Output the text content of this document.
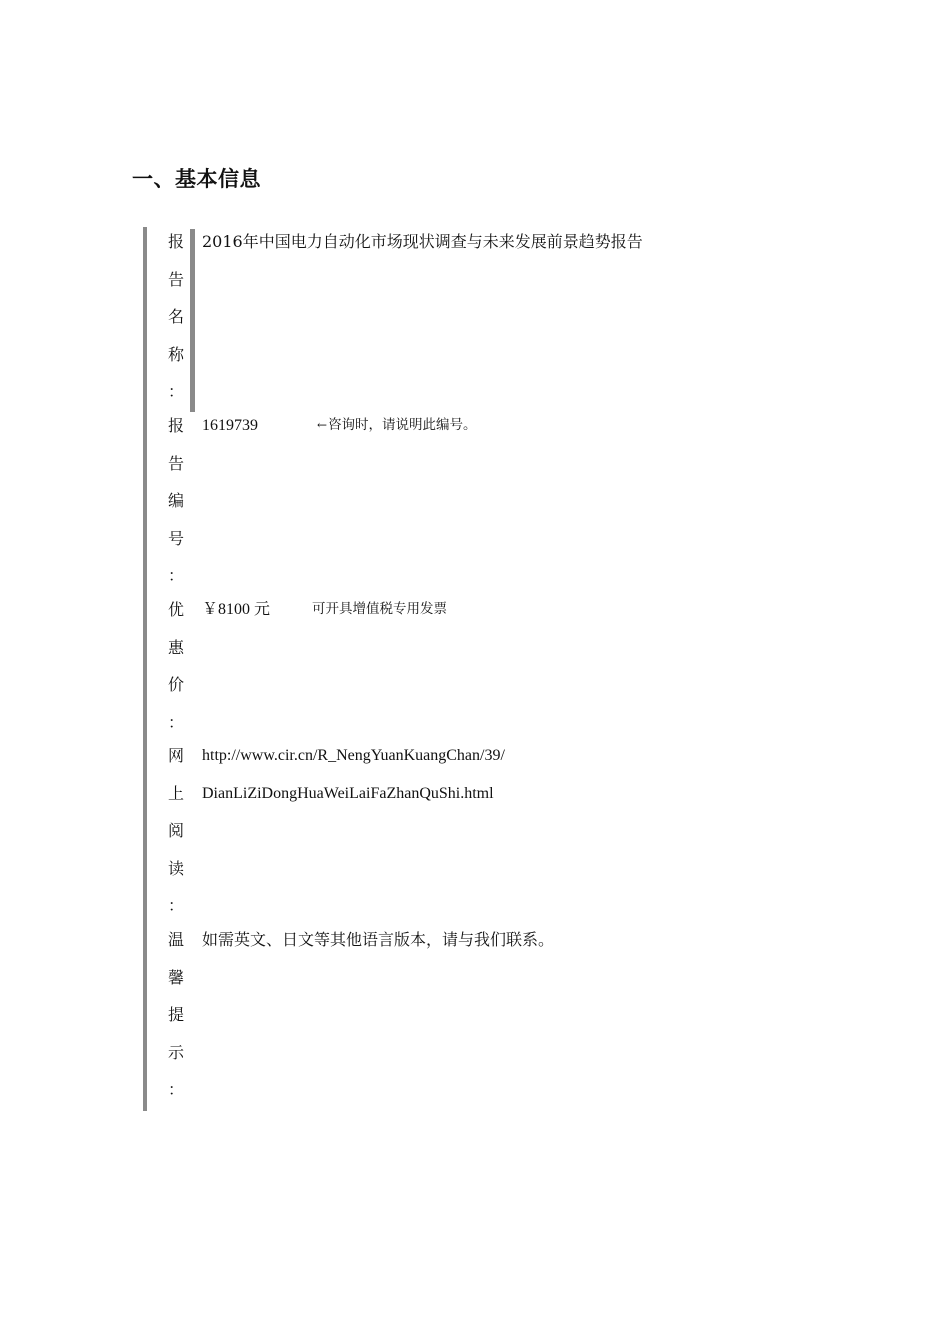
一、基本信息
报
告
名
称
：
2016年中国电力自动化市场现状调查与未来发展前景趋势报告
报
告
编
号
：
1619739	←咨询时，请说明此编号。
优
惠
价
：
￥8100 元	可开具增值税专用发票
网
上
阅
读
：
http://www.cir.cn/R_NengYuanKuangChan/39/
DianLiZiDongHuaWeiLaiFaZhanQuShi.html
温
馨
提
示
：
如需英文、日文等其他语言版本，请与我们联系。
